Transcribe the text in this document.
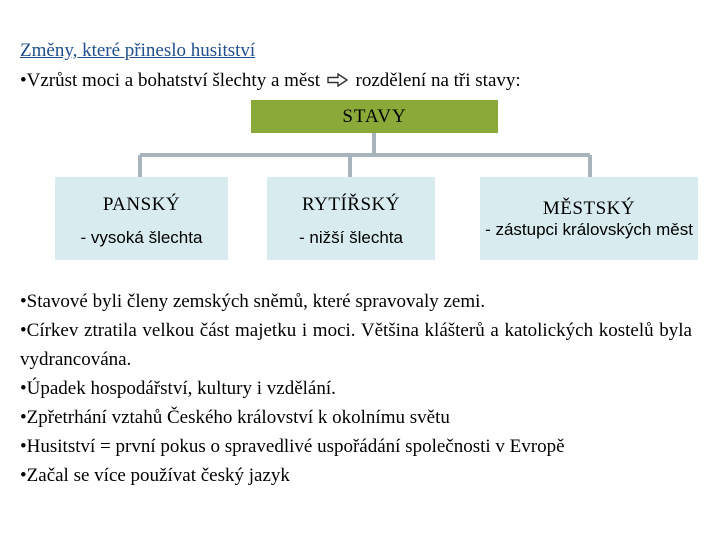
Změny, které přineslo husitství
•Vzrůst moci a bohatství šlechty a měst rozdělení na tři stavy:
STAVY
PANSKÝ
- vysoká šlechta
RYTÍŘSKÝ
- nižší šlechta
MĚSTSKÝ
- zástupci královských měst
•Stavové byli členy zemských sněmů, které spravovaly zemi.
•Církev ztratila velkou část majetku i moci. Většina klášterů a katolických kostelů byla vydrancována.
•Úpadek hospodářství, kultury i vzdělání.
•Zpřetrhání vztahů Českého království k okolnímu světu
•Husitství = první pokus o spravedlivé uspořádání společnosti v Evropě
•Začal se více používat český jazyk
